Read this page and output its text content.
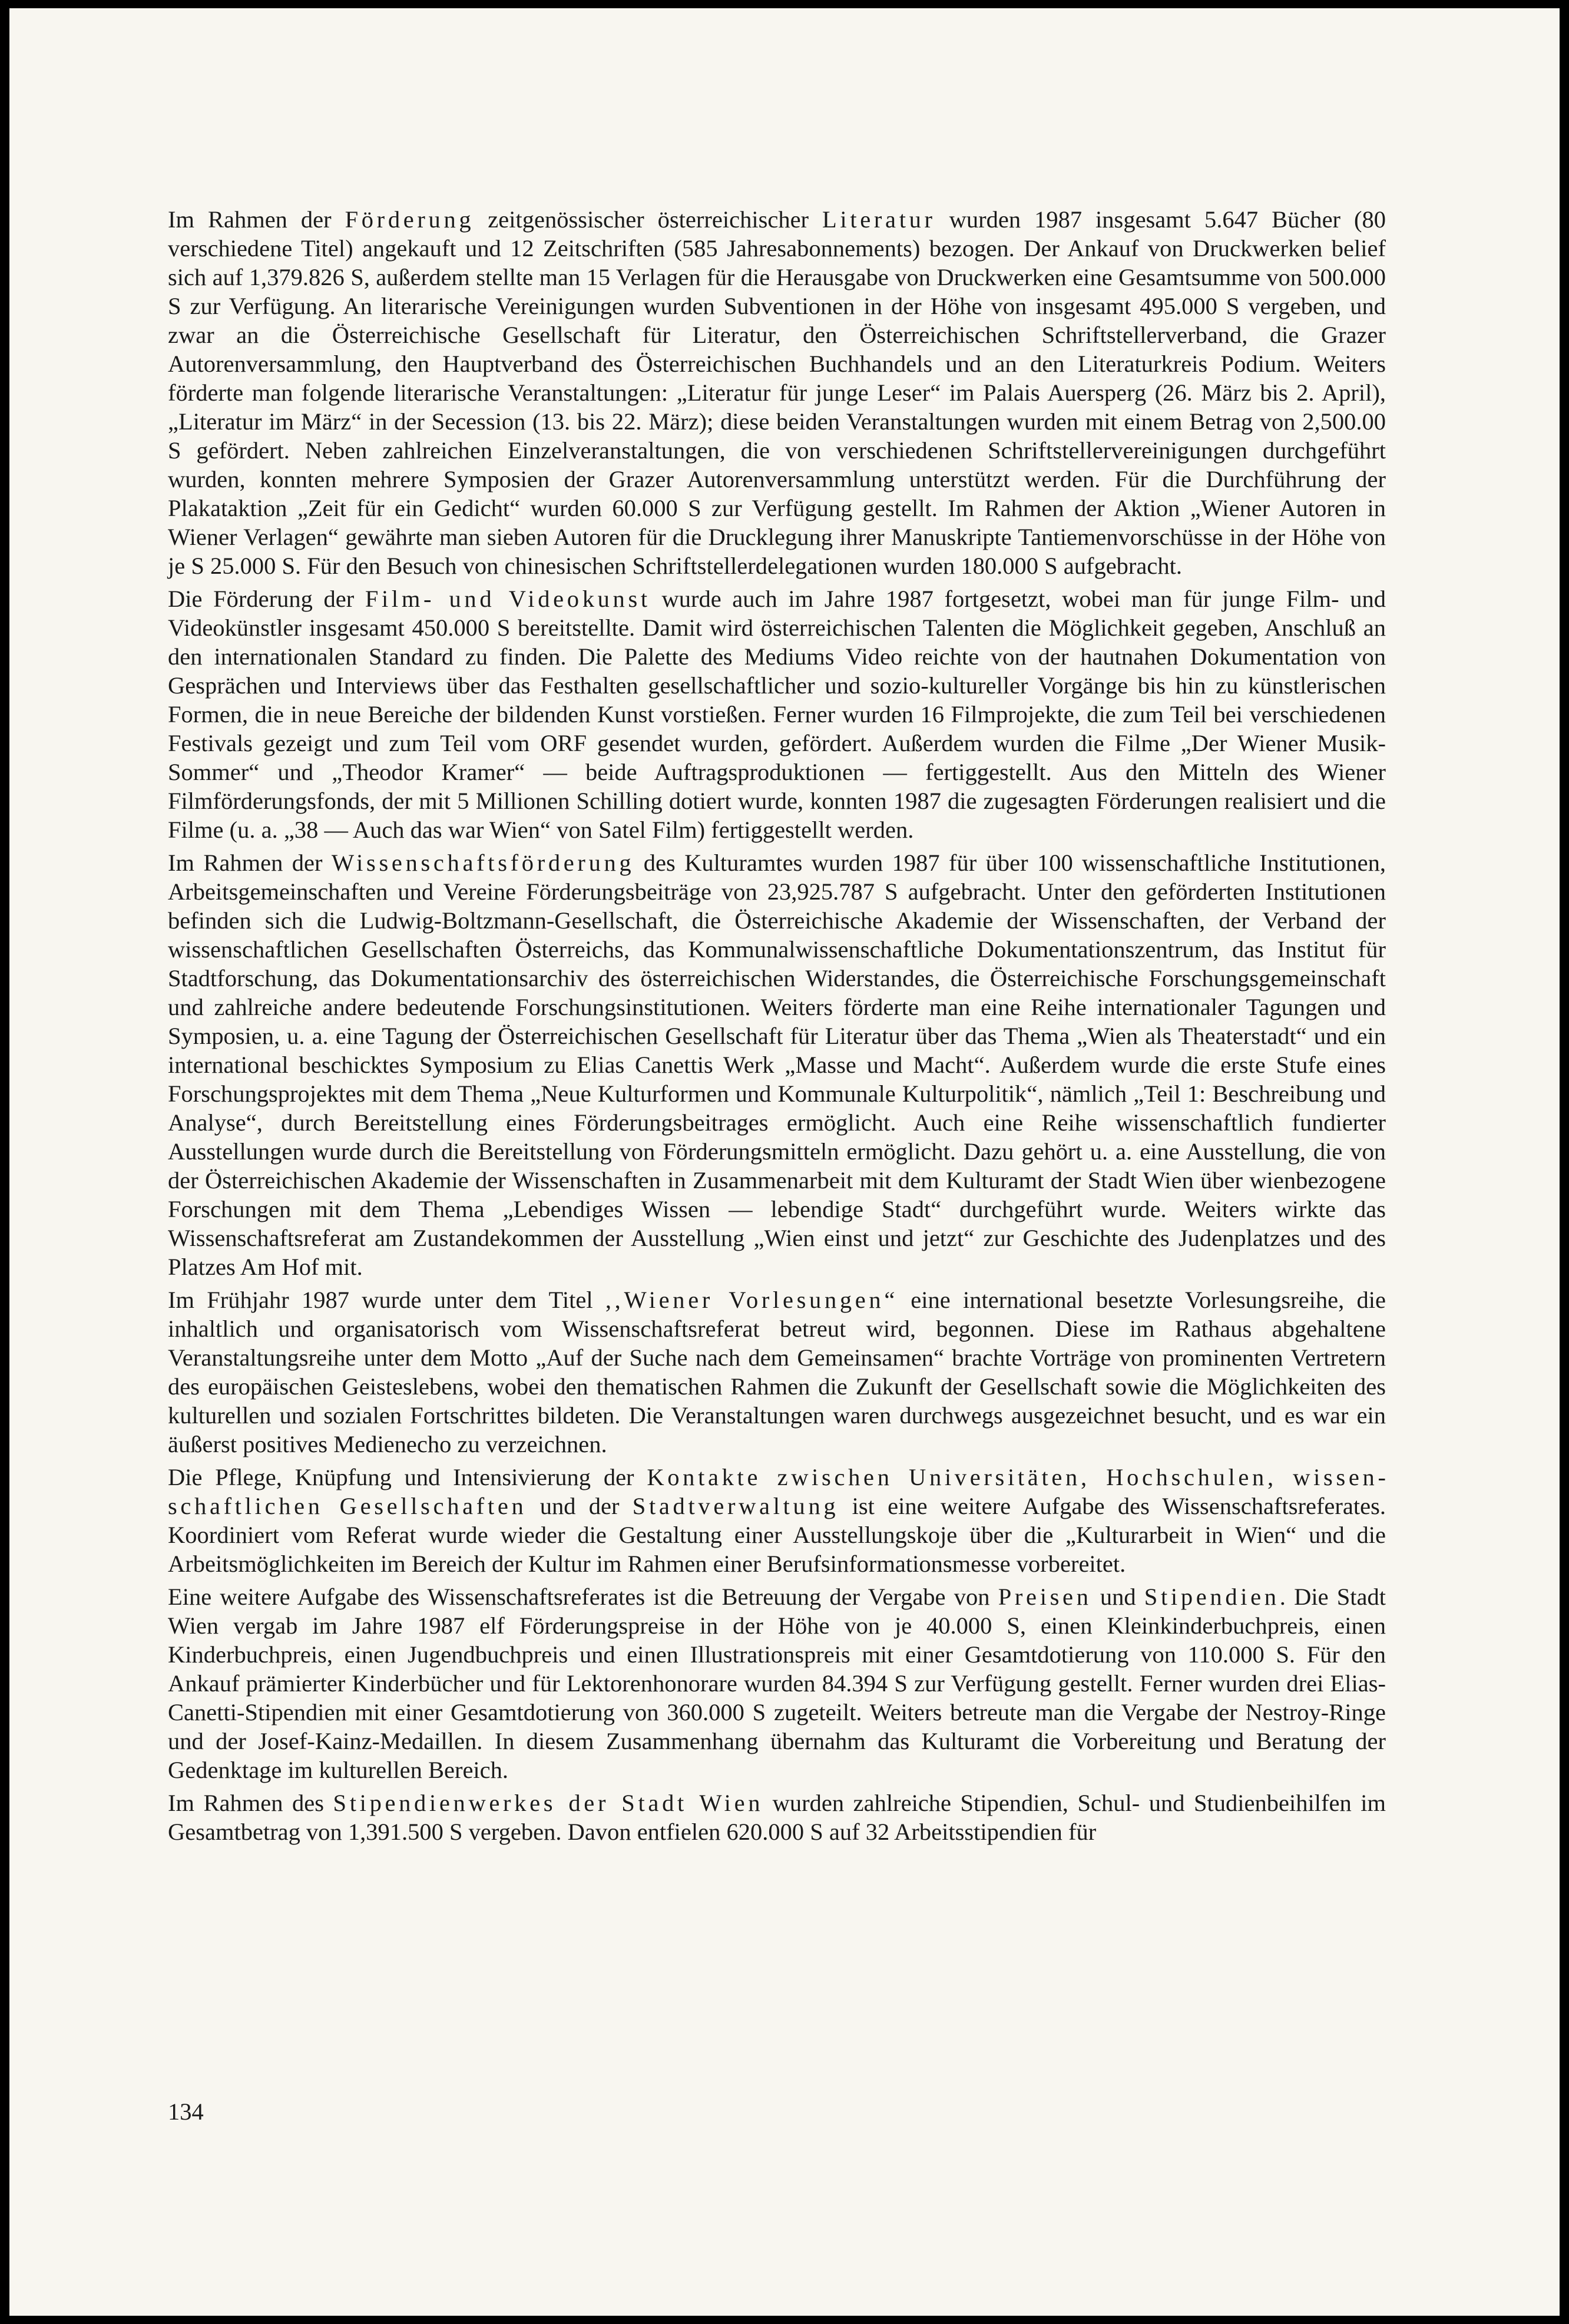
Im Rahmen der Förderung zeitgenössischer österreichischer Literatur wurden 1987 insgesamt 5.647 Bücher (80 verschiedene Titel) angekauft und 12 Zeitschriften (585 Jahresabonnements) bezogen. Der Ankauf von Druckwerken belief sich auf 1,379.826 S, außerdem stellte man 15 Verlagen für die Herausgabe von Druckwerken eine Gesamtsumme von 500.000 S zur Verfügung. An literarische Vereinigungen wurden Subventionen in der Höhe von insgesamt 495.000 S vergeben, und zwar an die Österreichische Gesellschaft für Literatur, den Österreichischen Schriftstellerverband, die Grazer Autorenversammlung, den Hauptverband des Österreichischen Buchhandels und an den Literaturkreis Podium. Weiters förderte man folgende literarische Veranstaltungen: „Literatur für junge Leser“ im Palais Auersperg (26. März bis 2. April), „Literatur im März“ in der Secession (13. bis 22. März); diese beiden Veranstaltungen wurden mit einem Betrag von 2,500.00 S gefördert. Neben zahlreichen Einzelveranstaltungen, die von verschiedenen Schriftstellervereinigungen durchgeführt wurden, konnten mehrere Symposien der Grazer Autorenversammlung unterstützt werden. Für die Durchführung der Plakataktion „Zeit für ein Gedicht“ wurden 60.000 S zur Verfügung gestellt. Im Rahmen der Aktion „Wiener Autoren in Wiener Verlagen“ gewährte man sieben Autoren für die Drucklegung ihrer Manuskripte Tantiemenvorschüsse in der Höhe von je S 25.000 S. Für den Besuch von chinesischen Schriftstellerdelegationen wurden 180.000 S aufgebracht.

Die Förderung der Film- und Videokunst wurde auch im Jahre 1987 fortgesetzt, wobei man für junge Film- und Videokünstler insgesamt 450.000 S bereitstellte. Damit wird österreichischen Talenten die Möglichkeit gegeben, Anschluß an den internationalen Standard zu finden. Die Palette des Mediums Video reichte von der hautnahen Dokumentation von Gesprächen und Interviews über das Festhalten gesellschaftlicher und sozio-kultureller Vorgänge bis hin zu künstlerischen Formen, die in neue Bereiche der bildenden Kunst vorstießen. Ferner wurden 16 Filmprojekte, die zum Teil bei verschiedenen Festivals gezeigt und zum Teil vom ORF gesendet wurden, gefördert. Außerdem wurden die Filme „Der Wiener Musik-Sommer“ und „Theodor Kramer“ — beide Auftragsproduktionen — fertiggestellt. Aus den Mitteln des Wiener Filmförderungsfonds, der mit 5 Millionen Schilling dotiert wurde, konnten 1987 die zugesagten Förderungen realisiert und die Filme (u. a. „38 — Auch das war Wien“ von Satel Film) fertiggestellt werden.

Im Rahmen der Wissenschaftsförderung des Kulturamtes wurden 1987 für über 100 wissenschaftliche Institutionen, Arbeitsgemeinschaften und Vereine Förderungsbeiträge von 23,925.787 S aufgebracht. Unter den geförderten Institutionen befinden sich die Ludwig-Boltzmann-Gesellschaft, die Österreichische Akademie der Wissenschaften, der Verband der wissenschaftlichen Gesellschaften Österreichs, das Kommunalwissenschaftliche Dokumentationszentrum, das Institut für Stadtforschung, das Dokumentationsarchiv des österreichischen Widerstandes, die Österreichische Forschungsgemeinschaft und zahlreiche andere bedeutende Forschungsinstitutionen. Weiters förderte man eine Reihe internationaler Tagungen und Symposien, u. a. eine Tagung der Österreichischen Gesellschaft für Literatur über das Thema „Wien als Theaterstadt“ und ein international beschicktes Symposium zu Elias Canettis Werk „Masse und Macht“. Außerdem wurde die erste Stufe eines Forschungsprojektes mit dem Thema „Neue Kulturformen und Kommunale Kulturpolitik“, nämlich „Teil 1: Beschreibung und Analyse“, durch Bereitstellung eines Förderungsbeitrages ermöglicht. Auch eine Reihe wissenschaftlich fundierter Ausstellungen wurde durch die Bereitstellung von Förderungsmitteln ermöglicht. Dazu gehört u. a. eine Ausstellung, die von der Österreichischen Akademie der Wissenschaften in Zusammenarbeit mit dem Kulturamt der Stadt Wien über wienbezogene Forschungen mit dem Thema „Lebendiges Wissen — lebendige Stadt“ durchgeführt wurde. Weiters wirkte das Wissenschaftsreferat am Zustandekommen der Ausstellung „Wien einst und jetzt“ zur Geschichte des Judenplatzes und des Platzes Am Hof mit.

Im Frühjahr 1987 wurde unter dem Titel ,,Wiener Vorlesungen“ eine international besetzte Vorlesungsreihe, die inhaltlich und organisatorisch vom Wissenschaftsreferat betreut wird, begonnen. Diese im Rathaus abgehaltene Veranstaltungsreihe unter dem Motto „Auf der Suche nach dem Gemeinsamen“ brachte Vorträge von prominenten Vertretern des europäischen Geisteslebens, wobei den thematischen Rahmen die Zukunft der Gesellschaft sowie die Möglichkeiten des kulturellen und sozialen Fortschrittes bildeten. Die Veranstaltungen waren durchwegs ausgezeichnet besucht, und es war ein äußerst positives Medienecho zu verzeichnen.

Die Pflege, Knüpfung und Intensivierung der Kontakte zwischen Universitäten, Hochschulen, wissenschaftlichen Gesellschaften und der Stadtverwaltung ist eine weitere Aufgabe des Wissenschaftsreferates. Koordiniert vom Referat wurde wieder die Gestaltung einer Ausstellungskoje über die „Kulturarbeit in Wien“ und die Arbeitsmöglichkeiten im Bereich der Kultur im Rahmen einer Berufsinformationsmesse vorbereitet.

Eine weitere Aufgabe des Wissenschaftsreferates ist die Betreuung der Vergabe von Preisen und Stipendien. Die Stadt Wien vergab im Jahre 1987 elf Förderungspreise in der Höhe von je 40.000 S, einen Kleinkinderbuchpreis, einen Kinderbuchpreis, einen Jugendbuchpreis und einen Illustrationspreis mit einer Gesamtdotierung von 110.000 S. Für den Ankauf prämierter Kinderbücher und für Lektorenhonorare wurden 84.394 S zur Verfügung gestellt. Ferner wurden drei Elias-Canetti-Stipendien mit einer Gesamtdotierung von 360.000 S zugeteilt. Weiters betreute man die Vergabe der Nestroy-Ringe und der Josef-Kainz-Medaillen. In diesem Zusammenhang übernahm das Kulturamt die Vorbereitung und Beratung der Gedenktage im kulturellen Bereich.

Im Rahmen des Stipendienwerkes der Stadt Wien wurden zahlreiche Stipendien, Schul- und Studienbeihilfen im Gesamtbetrag von 1,391.500 S vergeben. Davon entfielen 620.000 S auf 32 Arbeitsstipendien für

134
